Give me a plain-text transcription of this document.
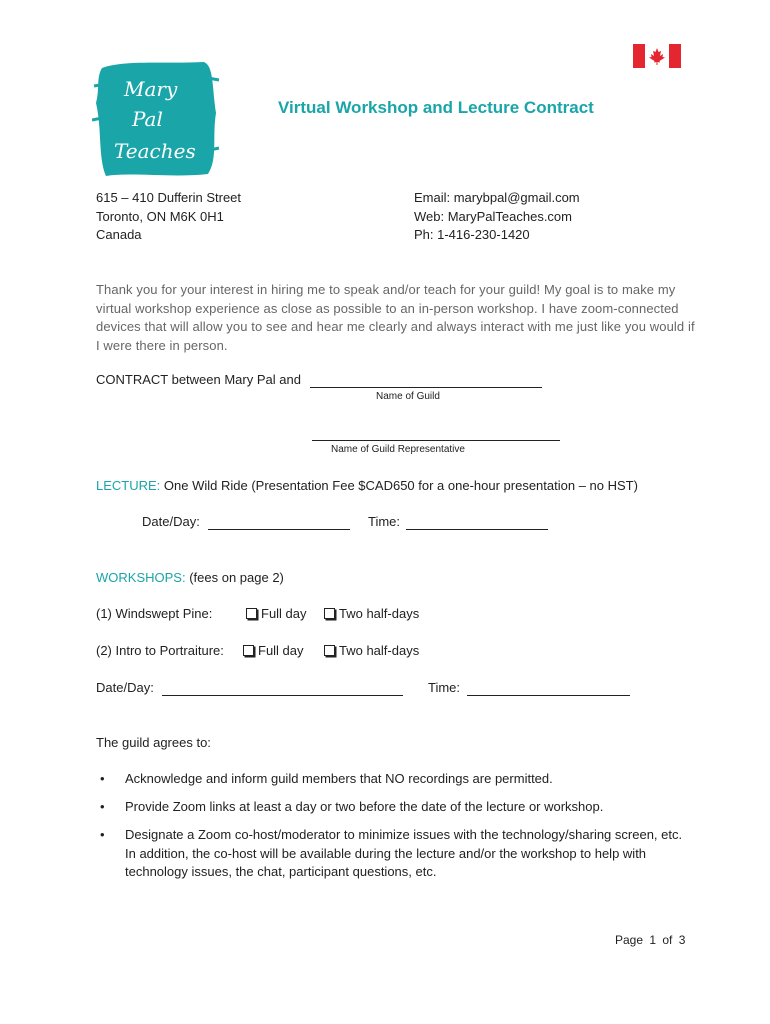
Mary
Pal
Teaches
Virtual Workshop and Lecture Contract
615 – 410 Dufferin Street
Toronto, ON M6K 0H1
Canada
Email: marybpal@gmail.com
Web: MaryPalTeaches.com
Ph: 1-416-230-1420
Thank you for your interest in hiring me to speak and/or teach for your guild! My goal is to make my virtual workshop experience as close as possible to an in-person workshop. I have zoom-connected devices that will allow you to see and hear me clearly and always interact with me just like you would if I were there in person.
CONTRACT between Mary Pal and
Name of Guild
Name of Guild Representative
LECTURE: One Wild Ride (Presentation Fee $CAD650 for a one-hour presentation – no HST)
Date/Day:	Time:
WORKSHOPS: (fees on page 2)
(1) Windswept Pine:	Full day	Two half-days
(2) Intro to Portraiture:	Full day	Two half-days
Date/Day:	Time:
The guild agrees to:
• Acknowledge and inform guild members that NO recordings are permitted.
• Provide Zoom links at least a day or two before the date of the lecture or workshop.
• Designate a Zoom co-host/moderator to minimize issues with the technology/sharing screen, etc. In addition, the co-host will be available during the lecture and/or the workshop to help with technology issues, the chat, participant questions, etc.
Page 1 of 3
